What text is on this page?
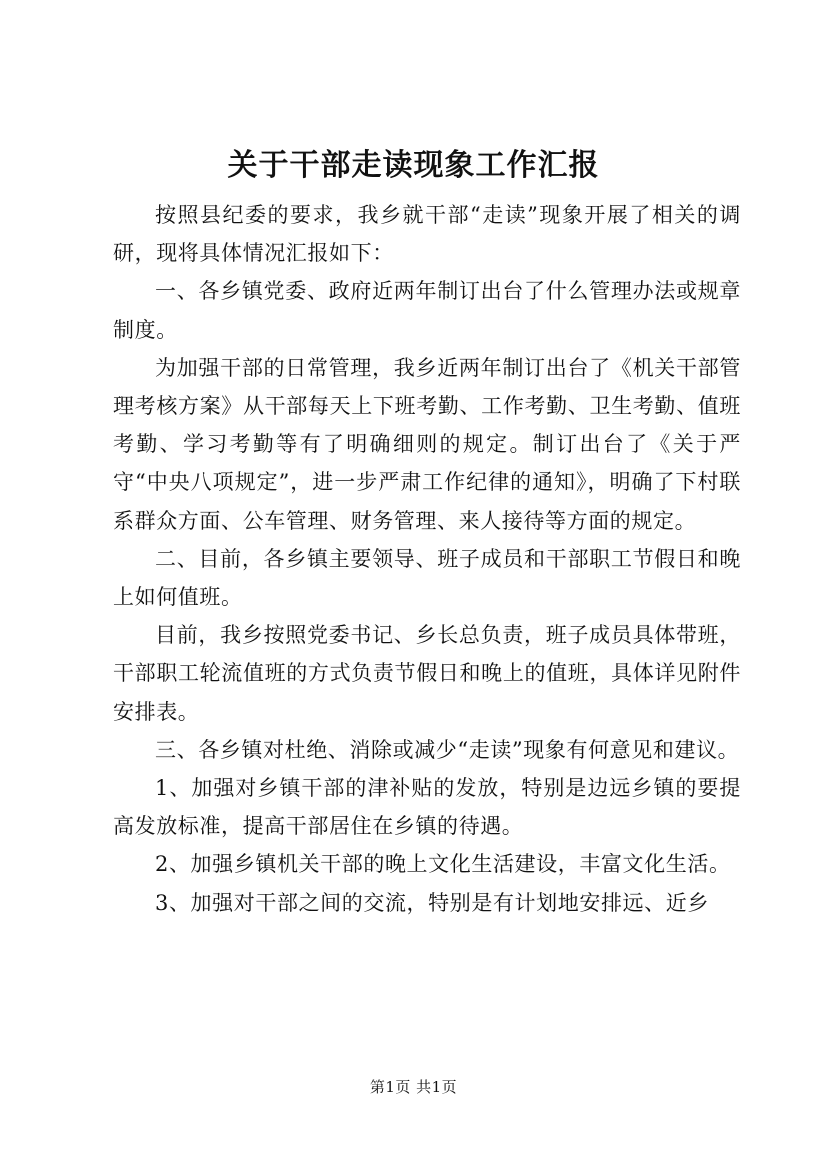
关于干部走读现象工作汇报

按照县纪委的要求，我乡就干部“走读”现象开展了相关的调研，现将具体情况汇报如下：

一、各乡镇党委、政府近两年制订出台了什么管理办法或规章制度。

为加强干部的日常管理，我乡近两年制订出台了《机关干部管理考核方案》从干部每天上下班考勤、工作考勤、卫生考勤、值班考勤、学习考勤等有了明确细则的规定。制订出台了《关于严守“中央八项规定”，进一步严肃工作纪律的通知》，明确了下村联系群众方面、公车管理、财务管理、来人接待等方面的规定。

二、目前，各乡镇主要领导、班子成员和干部职工节假日和晚上如何值班。

目前，我乡按照党委书记、乡长总负责，班子成员具体带班，干部职工轮流值班的方式负责节假日和晚上的值班，具体详见附件安排表。

三、各乡镇对杜绝、消除或减少“走读”现象有何意见和建议。

1、加强对乡镇干部的津补贴的发放，特别是边远乡镇的要提高发放标准，提高干部居住在乡镇的待遇。

2、加强乡镇机关干部的晚上文化生活建设，丰富文化生活。

3、加强对干部之间的交流，特别是有计划地安排远、近乡

第1页 共1页
